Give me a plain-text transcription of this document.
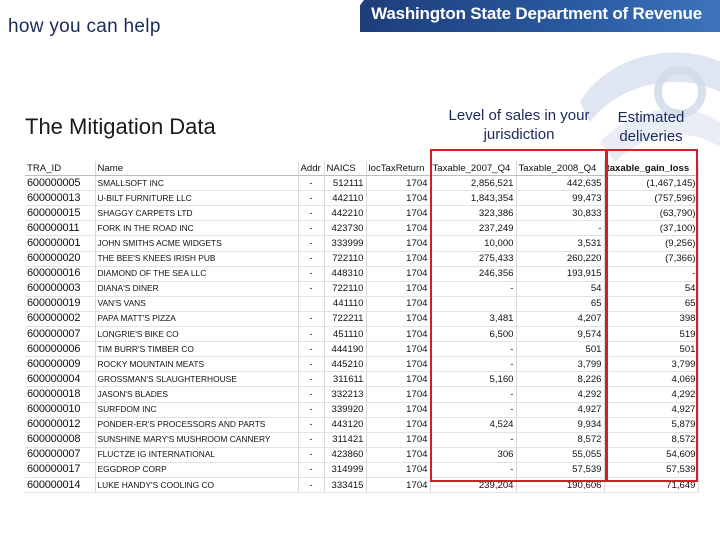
Washington State Department of Revenue
how you can help
The Mitigation Data	Level of sales in your jurisdiction
Estimated deliveries
TRA_ID	Name	Addr	NAICS	locTaxReturn	Taxable_2007_Q4	Taxable_2008_Q4	taxable_gain_loss
600000005	SMALLSOFT INC	-	512111	1704	2,856,521	442,635	(1,467,145)
600000013	U-BILT FURNITURE LLC	-	442110	1704	1,843,354	99,473	(757,596)
600000015	SHAGGY CARPETS LTD	-	442210	1704	323,386	30,833	(63,790)
600000011	FORK IN THE ROAD INC	-	423730	1704	237,249	-	(37,100)
600000001	JOHN SMITHS ACME WIDGETS	-	333999	1704	10,000	3,531	(9,256)
600000020	THE BEE'S KNEES IRISH PUB	-	722110	1704	275,433	260,220	(7,366)
600000016	DIAMOND OF THE SEA LLC	-	448310	1704	246,356	193,915	-
600000003	DIANA'S DINER	-	722110	1704	-	54	54
600000019	VAN'S VANS		441110	1704		65	65
600000002	PAPA MATT'S PIZZA	-	722211	1704	3,481	4,207	398
600000007	LONGRIE'S BIKE CO	-	451110	1704	6,500	9,574	519
600000006	TIM BURR'S TIMBER CO	-	444190	1704	-	501	501
600000009	ROCKY MOUNTAIN MEATS	-	445210	1704	-	3,799	3,799
600000004	GROSSMAN'S SLAUGHTERHOUSE	-	311611	1704	5,160	8,226	4,069
600000018	JASON'S BLADES	-	332213	1704	-	4,292	4,292
600000010	SURFDOM INC	-	339920	1704	-	4,927	4,927
600000012	PONDER-ER'S PROCESSORS AND PARTS	-	443120	1704	4,524	9,934	5,879
600000008	SUNSHINE MARY'S MUSHROOM CANNERY	-	311421	1704	-	8,572	8,572
600000007	FLUCTZE IG INTERNATIONAL	-	423860	1704	306	55,055	54,609
600000017	EGGDROP CORP	-	314999	1704	-	57,539	57,539
600000014	LUKE HANDY'S COOLING CO	-	333415	1704	239,204	190,606	71,649
